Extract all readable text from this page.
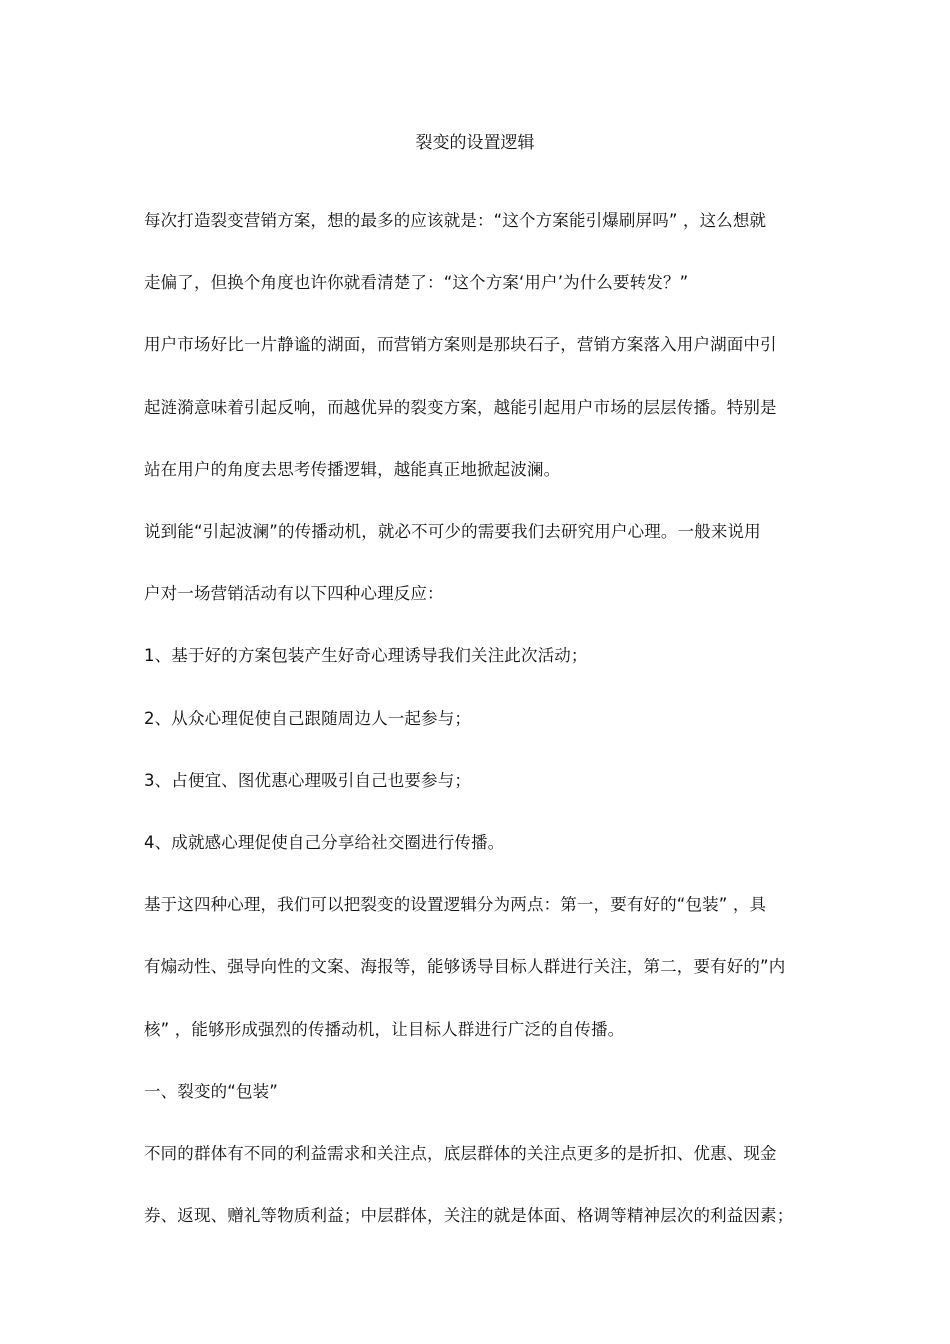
裂变的设置逻辑

每次打造裂变营销方案，想的最多的应该就是：“这个方案能引爆刷屏吗” ，这么想就
走偏了，但换个角度也许你就看清楚了：“这个方案‘用户’为什么要转发？”

用户市场好比一片静谧的湖面，而营销方案则是那块石子，营销方案落入用户湖面中引
起涟漪意味着引起反响，而越优异的裂变方案，越能引起用户市场的层层传播。特别是
站在用户的角度去思考传播逻辑，越能真正地掀起波澜。

说到能“引起波澜”的传播动机，就必不可少的需要我们去研究用户心理。一般来说用
户对一场营销活动有以下四种心理反应：

1、基于好的方案包装产生好奇心理诱导我们关注此次活动；

2、从众心理促使自己跟随周边人一起参与；

3、占便宜、图优惠心理吸引自己也要参与；

4、成就感心理促使自己分享给社交圈进行传播。

基于这四种心理，我们可以把裂变的设置逻辑分为两点：第一，要有好的“包装” ，具
有煽动性、强导向性的文案、海报等，能够诱导目标人群进行关注，第二，要有好的”内
核” ，能够形成强烈的传播动机，让目标人群进行广泛的自传播。

一、裂变的“包装”

不同的群体有不同的利益需求和关注点，底层群体的关注点更多的是折扣、优惠、现金
券、返现、赠礼等物质利益；中层群体，关注的就是体面、格调等精神层次的利益因素；
